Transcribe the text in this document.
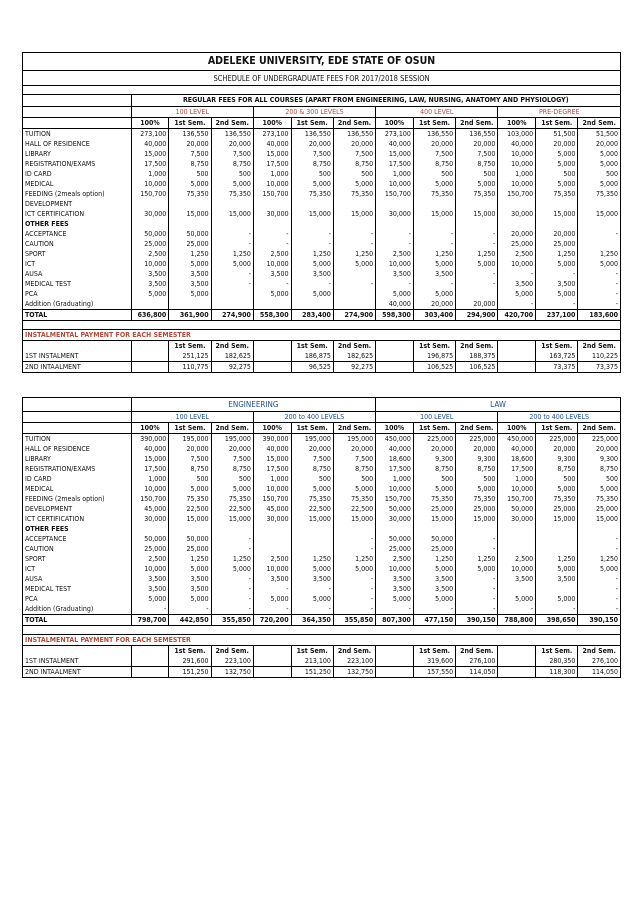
ADELEKE UNIVERSITY, EDE STATE OF OSUN												
SCHEDULE OF UNDERGRADUATE FEES FOR 2017/2018 SESSION												

	REGULAR FEES FOR ALL COURSES (APART FROM ENGINEERING, LAW, NURSING, ANATOMY AND PHYSIOLOGY)											
	100 LEVEL			200 & 300 LEVELS			400 LEVEL			PRE-DEGREE		
	100%	1st Sem.	2nd Sem.	100%	1st Sem.	2nd Sem.	100%	1st Sem.	2nd Sem.	100%	1st Sem.	2nd Sem.
TUITION	273,100	136,550	136,550	273,100	136,550	136,550	273,100	136,550	136,550	103,000	51,500	51,500
HALL OF RESIDENCE	40,000	20,000	20,000	40,000	20,000	20,000	40,000	20,000	20,000	40,000	20,000	20,000
LIBRARY	15,000	7,500	7,500	15,000	7,500	7,500	15,000	7,500	7,500	10,000	5,000	5,000
REGISTRATION/EXAMS	17,500	8,750	8,750	17,500	8,750	8,750	17,500	8,750	8,750	10,000	5,000	5,000
ID CARD	1,000	500	500	1,000	500	500	1,000	500	500	1,000	500	500
MEDICAL	10,000	5,000	5,000	10,000	5,000	5,000	10,000	5,000	5,000	10,000	5,000	5,000
FEEDING (2meals option)	150,700	75,350	75,350	150,700	75,350	75,350	150,700	75,350	75,350	150,700	75,350	75,350
DEVELOPMENT												
ICT CERTIFICATION	30,000	15,000	15,000	30,000	15,000	15,000	30,000	15,000	15,000	30,000	15,000	15,000
OTHER FEES												
ACCEPTANCE	50,000	50,000	-	-	-	-	-	-	-	20,000	20,000	-
CAUTION	25,000	25,000	-	-	-	-	-	-	-	25,000	25,000	
SPORT	2,500	1,250	1,250	2,500	1,250	1,250	2,500	1,250	1,250	2,500	1,250	1,250
ICT	10,000	5,000	5,000	10,000	5,000	5,000	10,000	5,000	5,000	10,000	5,000	5,000
AUSA	3,500	3,500	-	3,500	3,500		3,500	3,500	-	-	-	-
MEDICAL TEST	3,500	3,500	-	-	-	-	-	-	-	3,500	3,500	-
PCA	5,000	5,000		5,000	5,000		5,000	5,000		5,000	5,000	-
Addition (Graduating)							40,000	20,000	20,000	-	-	-
TOTAL	636,800	361,900	274,900	558,300	283,400	274,900	598,300	303,400	294,900	420,700	237,100	183,600

INSTALMENTAL PAYMENT FOR EACH SEMESTER												
		1st Sem.	2nd Sem.		1st Sem.	2nd Sem.		1st Sem.	2nd Sem.		1st Sem.	2nd Sem.
1ST INSTALMENT		251,125	182,625		186,875	182,625		196,875	188,375		163,725	110,225
2ND INTAALMENT		110,775	92,275		96,525	92,275		106,525	106,525		73,375	73,375

	ENGINEERING						LAW					
	100 LEVEL			200 to 400 LEVELS			100 LEVEL			200 to 400 LEVELS		
	100%	1st Sem.	2nd Sem.	100%	1st Sem.	2nd Sem.	100%	1st Sem.	2nd Sem.	100%	1st Sem.	2nd Sem.
TUITION	390,000	195,000	195,000	390,000	195,000	195,000	450,000	225,000	225,000	450,000	225,000	225,000
HALL OF RESIDENCE	40,000	20,000	20,000	40,000	20,000	20,000	40,000	20,000	20,000	40,000	20,000	20,000
LIBRARY	15,000	7,500	7,500	15,000	7,500	7,500	18,600	9,300	9,300	18,600	9,300	9,300
REGISTRATION/EXAMS	17,500	8,750	8,750	17,500	8,750	8,750	17,500	8,750	8,750	17,500	8,750	8,750
ID CARD	1,000	500	500	1,000	500	500	1,000	500	500	1,000	500	500
MEDICAL	10,000	5,000	5,000	10,000	5,000	5,000	10,000	5,000	5,000	10,000	5,000	5,000
FEEDING (2meals option)	150,700	75,350	75,350	150,700	75,350	75,350	150,700	75,350	75,350	150,700	75,350	75,350
DEVELOPMENT	45,000	22,500	22,500	45,000	22,500	22,500	50,000	25,000	25,000	50,000	25,000	25,000
ICT CERTIFICATION	30,000	15,000	15,000	30,000	15,000	15,000	30,000	15,000	15,000	30,000	15,000	15,000
OTHER FEES												
ACCEPTANCE	50,000	50,000	-			-	50,000	50,000	-			-
CAUTION	25,000	25,000	-			-	25,000	25,000	-			-
SPORT	2,500	1,250	1,250	2,500	1,250	1,250	2,500	1,250	1,250	2,500	1,250	1,250
ICT	10,000	5,000	5,000	10,000	5,000	5,000	10,000	5,000	5,000	10,000	5,000	5,000
AUSA	3,500	3,500	-	3,500	3,500	-	3,500	3,500	-	3,500	3,500	-
MEDICAL TEST	3,500	3,500	-	-	-	-	3,500	3,500	-			-
PCA	5,000	5,000	-	5,000	5,000	-	5,000	5,000	-	5,000	5,000	-
Addition (Graduating)	-	-	-	-	-	-	-	-	-	-	-	-
TOTAL	798,700	442,850	355,850	720,200	364,350	355,850	807,300	477,150	390,150	788,800	398,650	390,150

INSTALMENTAL PAYMENT FOR EACH SEMESTER												
		1st Sem.	2nd Sem.		1st Sem.	2nd Sem.		1st Sem.	2nd Sem.		1st Sem.	2nd Sem.
1ST INSTALMENT		291,600	223,100		213,100	223,100		319,600	276,100		280,350	276,100
2ND INTAALMENT		151,250	132,750		151,250	132,750		157,550	114,050		118,300	114,050
